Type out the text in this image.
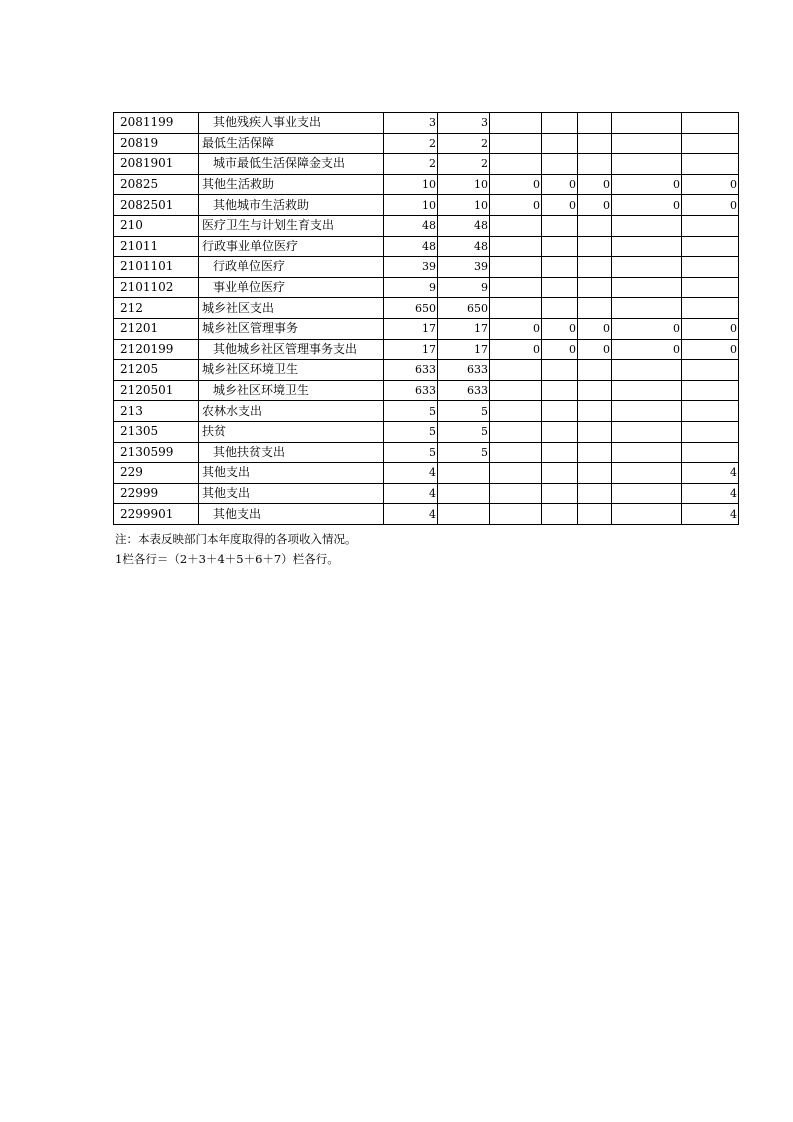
2081199	其他残疾人事业支出	3	3					
20819	最低生活保障	2	2					
2081901	城市最低生活保障金支出	2	2					
20825	其他生活救助	10	10	0	0	0	0	0
2082501	其他城市生活救助	10	10	0	0	0	0	0
210	医疗卫生与计划生育支出	48	48					
21011	行政事业单位医疗	48	48					
2101101	行政单位医疗	39	39					
2101102	事业单位医疗	9	9					
212	城乡社区支出	650	650					
21201	城乡社区管理事务	17	17	0	0	0	0	0
2120199	其他城乡社区管理事务支出	17	17	0	0	0	0	0
21205	城乡社区环境卫生	633	633					
2120501	城乡社区环境卫生	633	633					
213	农林水支出	5	5					
21305	扶贫	5	5					
2130599	其他扶贫支出	5	5					
229	其他支出	4						4
22999	其他支出	4						4
2299901	其他支出	4						4
注：本表反映部门本年度取得的各项收入情况。
1栏各行＝（2＋3＋4＋5＋6＋7）栏各行。
